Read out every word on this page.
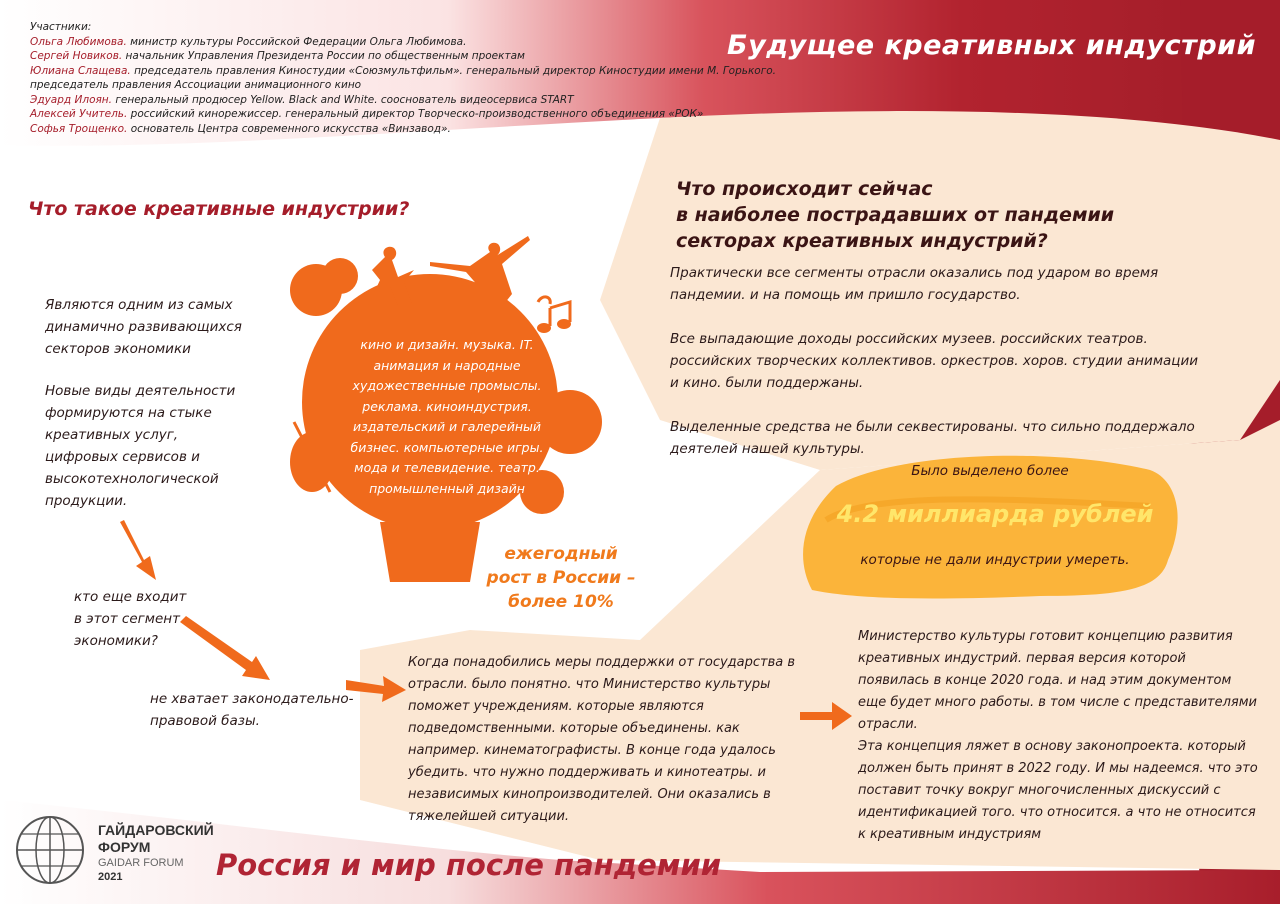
Участники:
Ольга Любимова. министр культуры Российской Федерации Ольга Любимова.
Сергей Новиков. начальник Управления Президента России по общественным проектам
Юлиана Слащева. председатель правления Киностудии «Союзмультфильм». генеральный директор Киностудии имени М. Горького.
председатель правления Ассоциации анимационного кино
Эдуард Илоян. генеральный продюсер Yellow. Black and White. сооснователь видеосервиса START
Алексей Учитель. российский кинорежиссер. генеральный директор Творческо-производственного объединения «РОК»
Софья Трощенко. основатель Центра современного искусства «Винзавод».
Будущее креативных индустрий
Что такое креативные индустрии?
Являются одним из самых динамично развивающихся секторов экономики
Новые виды деятельности формируются на стыке креативных услуг, цифровых сервисов и высокотехнологической продукции.
кто еще входит в этот сегмент экономики?
не хватает законодательно-правовой базы.
кино и дизайн. музыка. IT. анимация и народные художественные промыслы. реклама. киноиндустрия. издательский и галерейный бизнес. компьютерные игры. мода и телевидение. театр. промышленный дизайн
ежегодный
рост в России –
более 10%
Что происходит сейчас
в наиболее пострадавших от пандемии
секторах креативных индустрий?
Практически все сегменты отрасли оказались под ударом во время пандемии. и на помощь им пришло государство.
Все выпадающие доходы российских музеев. российских театров. российских творческих коллективов. оркестров. хоров. студии анимации и кино. были поддержаны.
Выделенные средства не были секвестированы. что сильно поддержало деятелей нашей культуры.
Было выделено более
4.2 миллиарда рублей
которые не дали индустрии умереть.
Когда понадобились меры поддержки от государства в отрасли. было понятно. что Министерство культуры поможет учреждениям. которые являются подведомственными. которые объединены. как например. кинематографисты. В конце года удалось убедить. что нужно поддерживать и кинотеатры. и независимых кинопроизводителей. Они оказались в тяжелейшей ситуации.
Министерство культуры готовит концепцию развития креативных индустрий. первая версия которой появилась в конце 2020 года. и над этим документом еще будет много работы. в том числе с представителями отрасли.
Эта концепция ляжет в основу законопроекта. который должен быть принят в 2022 году. И мы надеемся. что это поставит точку вокруг многочисленных дискуссий с идентификацией того. что относится. а что не относится к креативным индустриям
ГАЙДАРОВСКИЙ
ФОРУМ
GAIDAR FORUM
2021	Россия и мир после пандемии
